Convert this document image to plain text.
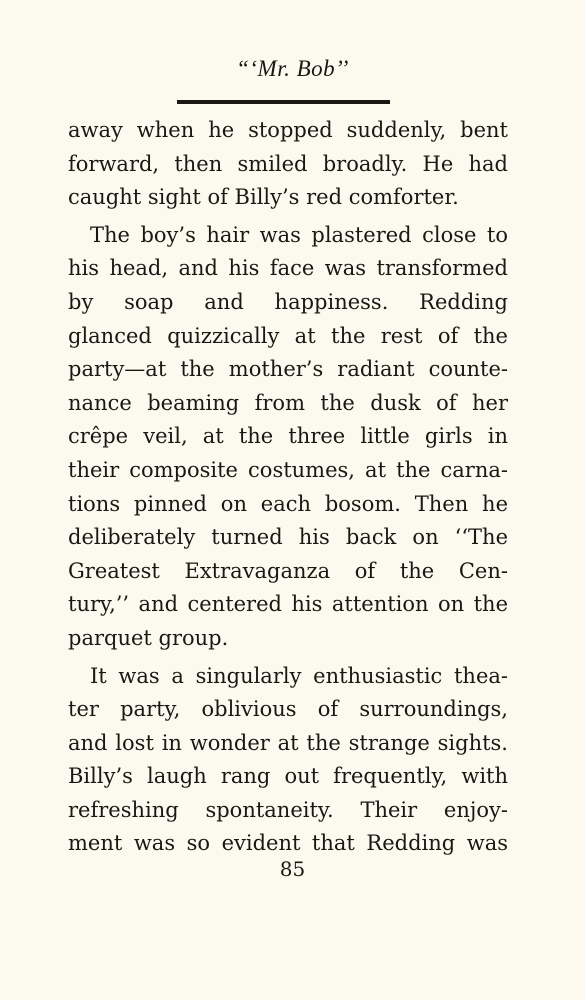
“‘Mr. Bob’’
away when he stopped suddenly, bent
forward, then smiled broadly. He had
caught sight of Billy’s red comforter.
The boy’s hair was plastered close to
his head, and his face was transformed
by soap and happiness. Redding
glanced quizzically at the rest of the
party—at the mother’s radiant counte-
nance beaming from the dusk of her
crêpe veil, at the three little girls in
their composite costumes, at the carna-
tions pinned on each bosom. Then he
deliberately turned his back on ‘‘The
Greatest Extravaganza of the Cen-
tury,’’ and centered his attention on the
parquet group.
It was a singularly enthusiastic thea-
ter party, oblivious of surroundings,
and lost in wonder at the strange sights.
Billy’s laugh rang out frequently, with
refreshing spontaneity. Their enjoy-
ment was so evident that Redding was
85
